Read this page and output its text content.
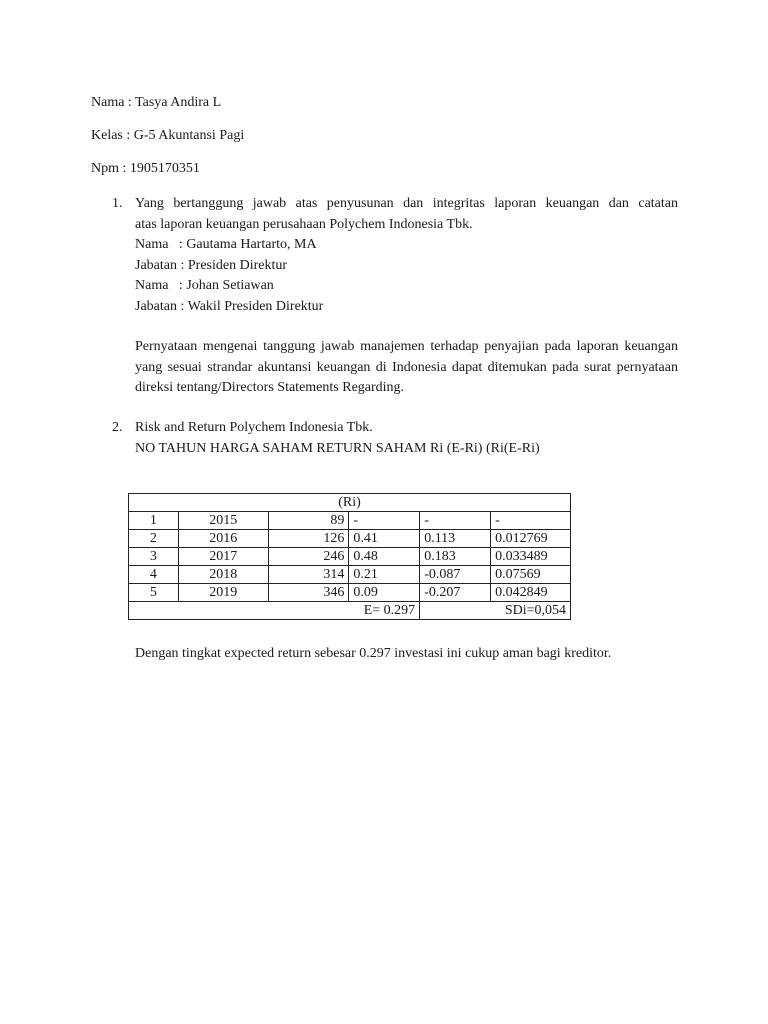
Nama : Tasya Andira L
Kelas : G-5 Akuntansi Pagi
Npm : 1905170351
1. Yang bertanggung jawab atas penyusunan dan integritas laporan keuangan dan catatan
atas laporan keuangan perusahaan Polychem Indonesia Tbk.
Nama   : Gautama Hartarto, MA
Jabatan : Presiden Direktur
Nama   : Johan Setiawan
Jabatan : Wakil Presiden Direktur
Pernyataan mengenai tanggung jawab manajemen terhadap penyajian pada laporan keuangan yang sesuai strandar akuntansi keuangan di Indonesia dapat ditemukan pada surat pernyataan direksi tentang/Directors Statements Regarding.
2. Risk and Return Polychem Indonesia Tbk.
NO TAHUN HARGA SAHAM RETURN SAHAM Ri (E-Ri) (Ri(E-Ri)
(Ri)					
1	2015	89	-	-	-
2	2016	126	0.41	0.113	0.012769
3	2017	246	0.48	0.183	0.033489
4	2018	314	0.21	-0.087	0.07569
5	2019	346	0.09	-0.207	0.042849
E= 0.297				SDi=0,054	
Dengan tingkat expected return sebesar 0.297 investasi ini cukup aman bagi kreditor.
